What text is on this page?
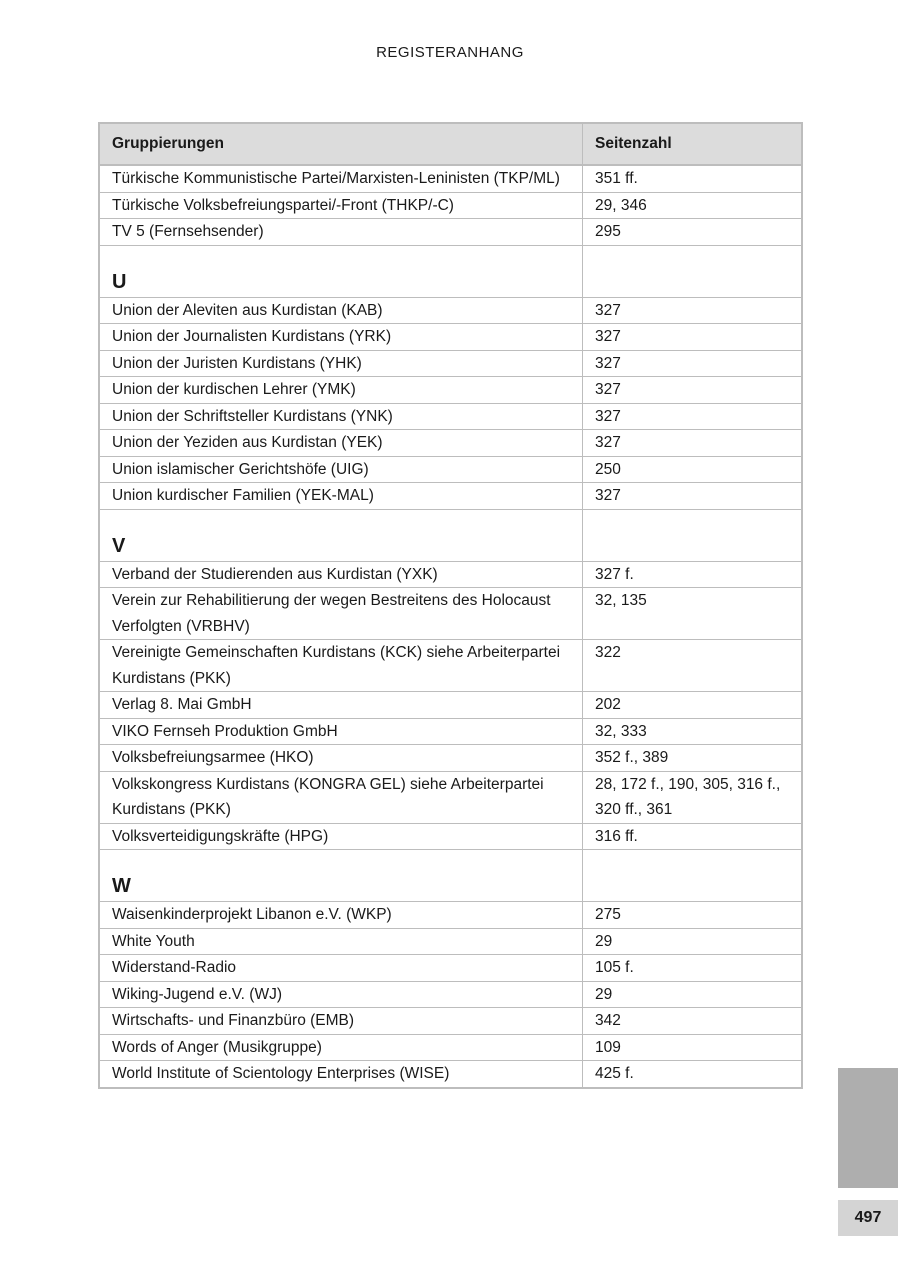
REGISTERANHANG
Gruppierungen	Seitenzahl
Türkische Kommunistische Partei/Marxisten-Leninisten (TKP/ML)	351 ff.
Türkische Volksbefreiungspartei/-Front (THKP/-C)	29, 346
TV 5 (Fernsehsender)	295
U	
Union der Aleviten aus Kurdistan (KAB)	327
Union der Journalisten Kurdistans (YRK)	327
Union der Juristen Kurdistans (YHK)	327
Union der kurdischen Lehrer (YMK)	327
Union der Schriftsteller Kurdistans (YNK)	327
Union der Yeziden aus Kurdistan (YEK)	327
Union islamischer Gerichtshöfe (UIG)	250
Union kurdischer Familien (YEK-MAL)	327
V	
Verband der Studierenden aus Kurdistan (YXK)	327 f.
Verein zur Rehabilitierung der wegen Bestreitens des Holocaust Verfolgten (VRBHV)	32, 135
Vereinigte Gemeinschaften Kurdistans (KCK) siehe Arbeiterpartei Kurdistans (PKK)	322
Verlag 8. Mai GmbH	202
VIKO Fernseh Produktion GmbH	32, 333
Volksbefreiungsarmee (HKO)	352 f., 389
Volkskongress Kurdistans (KONGRA GEL) siehe Arbeiterpartei Kurdistans (PKK)	28, 172 f., 190, 305, 316 f., 320 ff., 361
Volksverteidigungskräfte (HPG)	316 ff.
W	
Waisenkinderprojekt Libanon e.V. (WKP)	275
White Youth	29
Widerstand-Radio	105 f.
Wiking-Jugend e.V. (WJ)	29
Wirtschafts- und Finanzbüro (EMB)	342
Words of Anger (Musikgruppe)	109
World Institute of Scientology Enterprises (WISE)	425 f.
497
